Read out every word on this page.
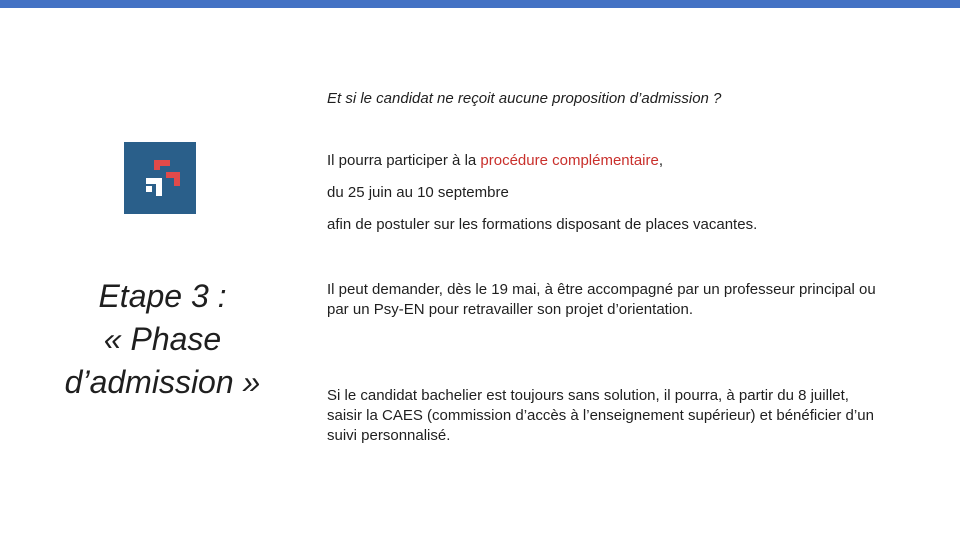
Etape 3 :
« Phase
d’admission »
Et si le candidat ne reçoit aucune proposition d’admission ?
Il pourra participer à la procédure complémentaire,
du 25 juin au 10 septembre
afin de postuler sur les formations disposant de places vacantes.
Il peut demander, dès le 19 mai, à être accompagné par un professeur principal ou par un Psy-EN pour retravailler son projet d’orientation.
Si le candidat bachelier est toujours sans solution, il pourra, à partir du 8 juillet, saisir la CAES (commission d’accès à l’enseignement supérieur) et bénéficier d’un suivi personnalisé.
